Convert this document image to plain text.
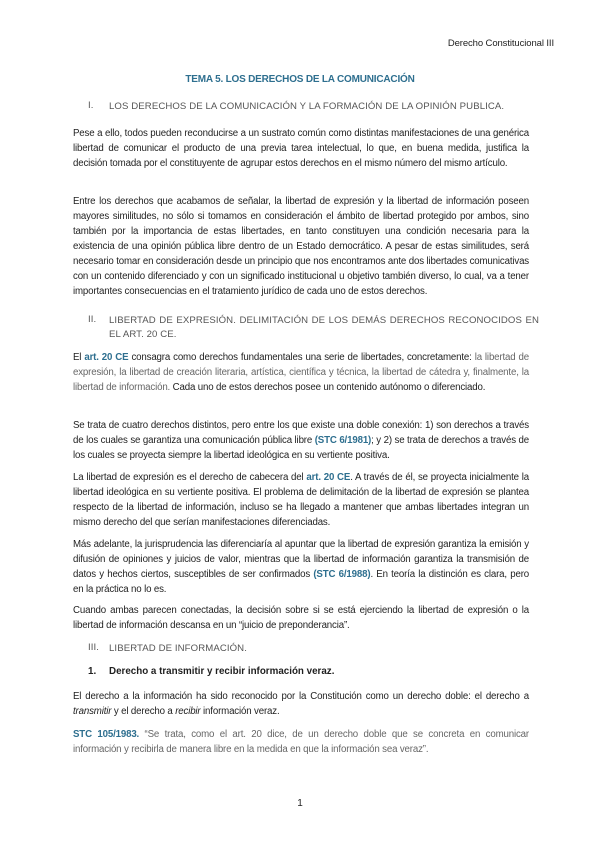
Derecho Constitucional III
TEMA 5. LOS DERECHOS DE LA COMUNICACIÓN
I. LOS DERECHOS DE LA COMUNICACIÓN Y LA FORMACIÓN DE LA OPINIÓN PUBLICA.
Pese a ello, todos pueden reconducirse a un sustrato común como distintas manifestaciones de una genérica libertad de comunicar el producto de una previa tarea intelectual, lo que, en buena medida, justifica la decisión tomada por el constituyente de agrupar estos derechos en el mismo número del mismo artículo.
Entre los derechos que acabamos de señalar, la libertad de expresión y la libertad de información poseen mayores similitudes, no sólo si tomamos en consideración el ámbito de libertad protegido por ambos, sino también por la importancia de estas libertades, en tanto constituyen una condición necesaria para la existencia de una opinión pública libre dentro de un Estado democrático. A pesar de estas similitudes, será necesario tomar en consideración desde un principio que nos encontramos ante dos libertades comunicativas con un contenido diferenciado y con un significado institucional u objetivo también diverso, lo cual, va a tener importantes consecuencias en el tratamiento jurídico de cada uno de estos derechos.
II. LIBERTAD DE EXPRESIÓN. DELIMITACIÓN DE LOS DEMÁS DERECHOS RECONOCIDOS EN EL ART. 20 CE.
El art. 20 CE consagra como derechos fundamentales una serie de libertades, concretamente: la libertad de expresión, la libertad de creación literaria, artística, científica y técnica, la libertad de cátedra y, finalmente, la libertad de información. Cada uno de estos derechos posee un contenido autónomo o diferenciado.
Se trata de cuatro derechos distintos, pero entre los que existe una doble conexión: 1) son derechos a través de los cuales se garantiza una comunicación pública libre (STC 6/1981); y 2) se trata de derechos a través de los cuales se proyecta siempre la libertad ideológica en su vertiente positiva.
La libertad de expresión es el derecho de cabecera del art. 20 CE. A través de él, se proyecta inicialmente la libertad ideológica en su vertiente positiva. El problema de delimitación de la libertad de expresión se plantea respecto de la libertad de información, incluso se ha llegado a mantener que ambas libertades integran un mismo derecho del que serían manifestaciones diferenciadas.
Más adelante, la jurisprudencia las diferenciaría al apuntar que la libertad de expresión garantiza la emisión y difusión de opiniones y juicios de valor, mientras que la libertad de información garantiza la transmisión de datos y hechos ciertos, susceptibles de ser confirmados (STC 6/1988). En teoría la distinción es clara, pero en la práctica no lo es.
Cuando ambas parecen conectadas, la decisión sobre si se está ejerciendo la libertad de expresión o la libertad de información descansa en un “juicio de preponderancia”.
III. LIBERTAD DE INFORMACIÓN.
1. Derecho a transmitir y recibir información veraz.
El derecho a la información ha sido reconocido por la Constitución como un derecho doble: el derecho a transmitir y el derecho a recibir información veraz.
STC 105/1983. “Se trata, como el art. 20 dice, de un derecho doble que se concreta en comunicar información y recibirla de manera libre en la medida en que la información sea veraz”.
1
